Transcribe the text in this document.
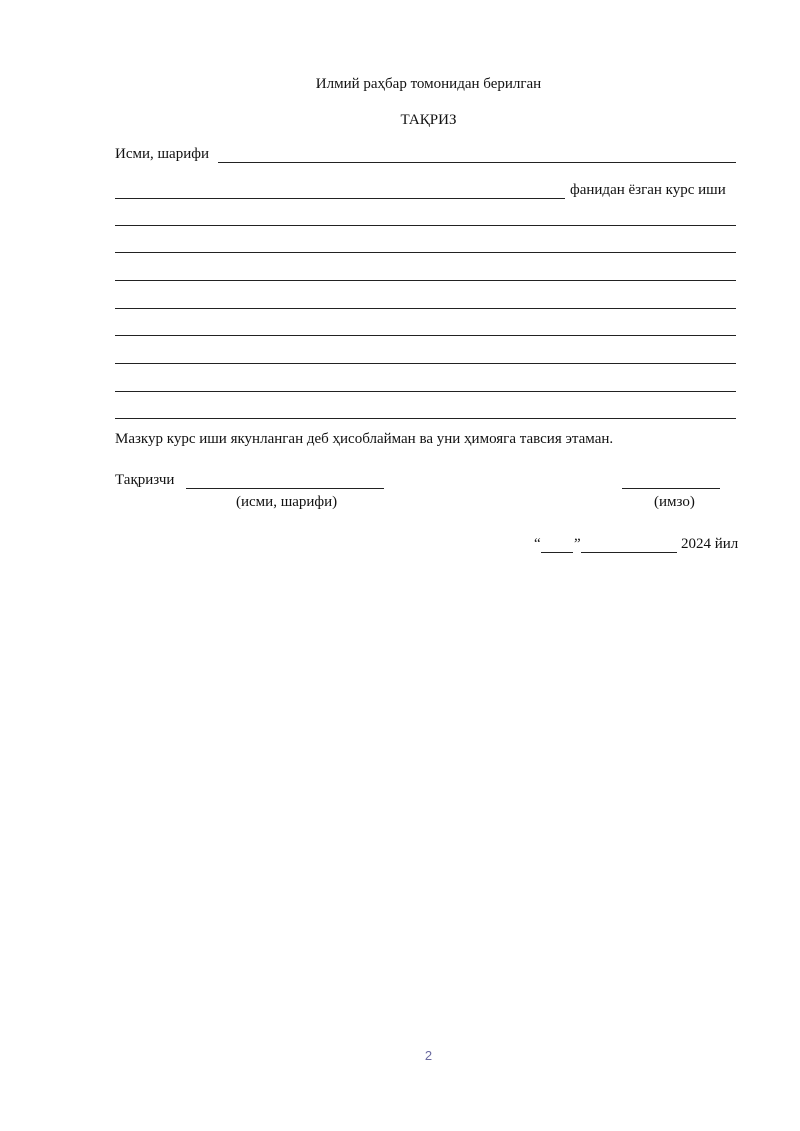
Илмий раҳбар томонидан берилган
ТАҚРИЗ
Исми, шарифи
фанидан ёзган курс иши
Мазкур курс иши якунланган деб ҳисоблайман ва уни ҳимояга тавсия этаман.
Тақризчи
(исми, шарифи)	(имзо)
“ ”	2024 йил
2
